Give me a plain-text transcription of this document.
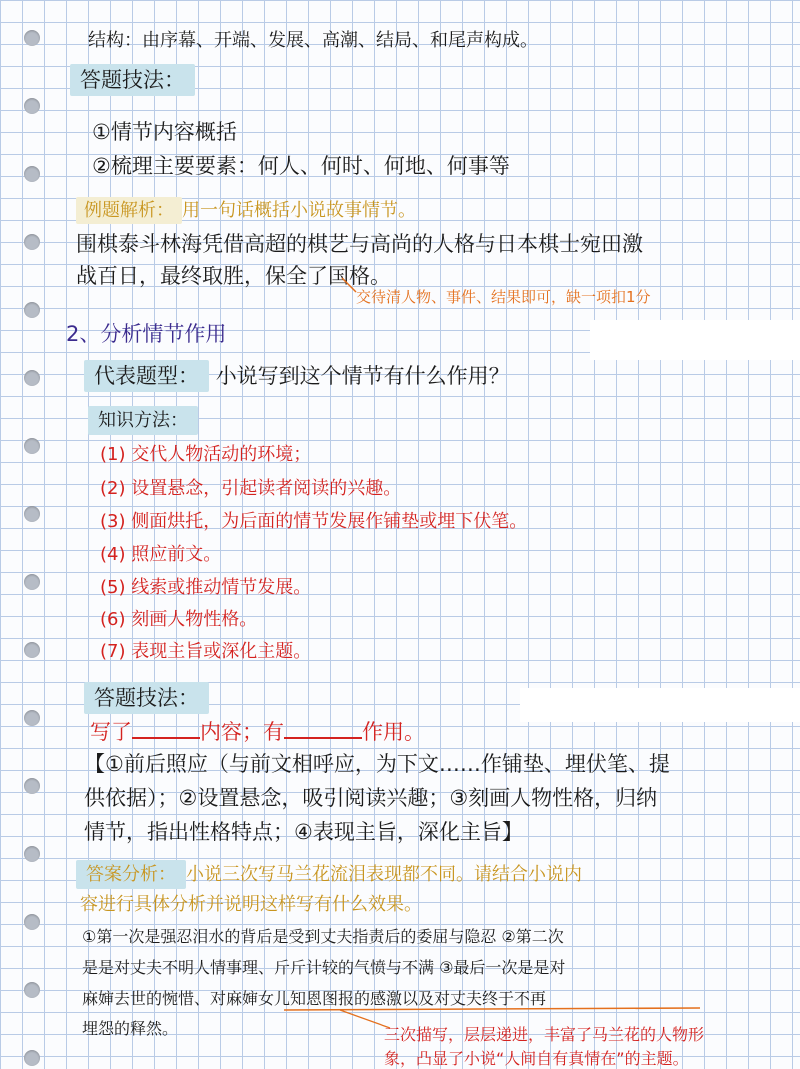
结构：由序幕、开端、发展、高潮、结局、和尾声构成。
答题技法：
①情节内容概括
②梳理主要要素：何人、何时、何地、何事等
例题解析： 用一句话概括小说故事情节。
围棋泰斗林海凭借高超的棋艺与高尚的人格与日本棋士宛田激
战百日，最终取胜，保全了国格。
交待清人物、事件、结果即可，缺一项扣1分
2、分析情节作用
代表题型： 小说写到这个情节有什么作用？
知识方法：
(1) 交代人物活动的环境；
(2) 设置悬念，引起读者阅读的兴趣。
(3) 侧面烘托，为后面的情节发展作铺垫或埋下伏笔。
(4) 照应前文。
(5) 线索或推动情节发展。
(6) 刻画人物性格。
(7) 表现主旨或深化主题。
答题技法：
写了	内容；有	作用。
【①前后照应（与前文相呼应，为下文……作铺垫、埋伏笔、提
供依据）；②设置悬念，吸引阅读兴趣；③刻画人物性格，归纳
情节，指出性格特点；④表现主旨，深化主旨】
答案分析： 小说三次写马兰花流泪表现都不同。请结合小说内
容进行具体分析并说明这样写有什么效果。
①第一次是强忍泪水的背后是受到丈夫指责后的委屈与隐忍 ②第二次
是是对丈夫不明人情事理、斤斤计较的气愤与不满 ③最后一次是是对
麻婶去世的惋惜、对麻婶女儿知恩图报的感激以及对丈夫终于不再
埋怨的释然。	三次描写，层层递进，丰富了马兰花的人物形
象，凸显了小说“人间自有真情在”的主题。
